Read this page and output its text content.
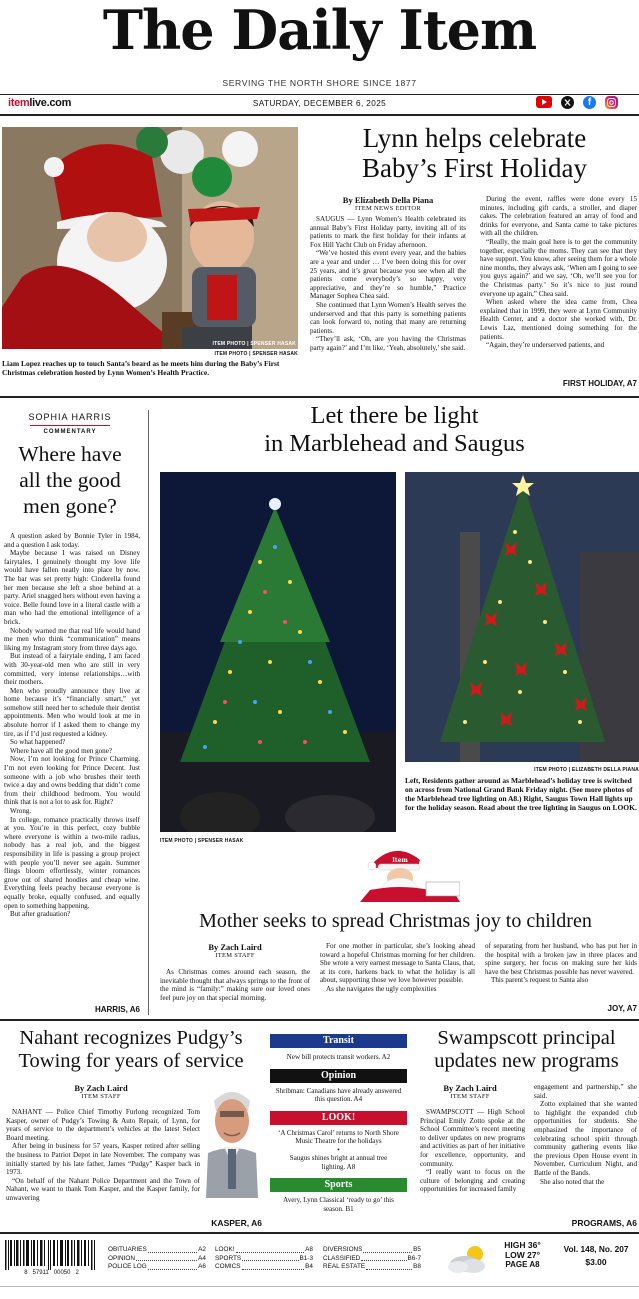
The Daily Item
SERVING THE NORTH SHORE SINCE 1877
itemlive.com	SATURDAY, DECEMBER 6, 2025	f
ITEM PHOTO | SPENSER HASAK
ITEM PHOTO | SPENSER HASAK
Liam Lopez reaches up to touch Santa’s beard as he meets him during the Baby’s First Christmas celebration hosted by Lynn Women’s Health Practice.
Lynn helps celebrate
Baby’s First Holiday
By Elizabeth Della Piana
ITEM NEWS EDITOR

SAUGUS — Lynn Women’s Health celebrated its annual Baby’s First Holiday party, inviting all of its patients to mark the first holiday for their infants at Fox Hill Yacht Club on Friday afternoon.

“We’ve hosted this event every year, and the babies are a year and under … I’ve been doing this for over 25 years, and it’s great because you see when all the patients come everybody’s so happy, very appreciative, and they’re so humble,” Practice Manager Sophea Chea said.

She continued that Lynn Women’s Health serves the underserved and that this party is something patients can look forward to, noting that many are returning patients.

“They’ll ask, ‘Oh, are you having the Christmas party again?’ and I’m like, ‘Yeah, absolutely,’ she said.

During the event, raffles were done every 15 minutes, including gift cards, a stroller, and diaper cakes. The celebration featured an array of food and drinks for everyone, and Santa came to take pictures with all the children.

“Really, the main goal here is to get the community together, especially the moms. They can see that they have support. You know, after seeing them for a whole nine months, they always ask, ‘When am I going to see you guys again?’ and we say, ‘Oh, we’ll see you for the Christmas party.’ So it’s nice to just round everyone up again,” Chea said.

When asked where the idea came from, Chea explained that in 1999, they were at Lynn Community Health Center, and a doctor she worked with, Dr. Lewis Laz, mentioned doing something for the patients.

“Again, they’re underserved patients, and

FIRST HOLIDAY, A7
SOPHIA HARRIS
COMMENTARY
Where have
all the good
men gone?

A question asked by Bonnie Tyler in 1984, and a question I ask today.

Maybe because I was raised on Disney fairytales, I genuinely thought my love life would have fallen neatly into place by now. The bar was set pretty high: Cinderella found her men because she left a shoe behind at a party. Ariel snagged hers without even having a voice. Belle found love in a literal castle with a man who had the emotional intelligence of a brick.

Nobody warned me that real life would hand me men who think “communication” means liking my Instagram story from three days ago.

But instead of a fairytale ending, I am faced with 30-year-old men who are still in very committed, very intense relationships…with their mothers.

Men who proudly announce they live at home because it’s “financially smart,” yet somehow still need her to schedule their dentist appointments. Men who would look at me in absolute horror if I asked them to change my tire, as if I’d just requested a kidney.

So what happened?

Where have all the good men gone?

Now, I’m not looking for Prince Charming. I’m not even looking for Prince Decent. Just someone with a job who brushes their teeth twice a day and owns bedding that didn’t come from their childhood bedroom. You would think that is not a lot to ask for. Right?

Wrong.

In college, romance practically throws itself at you. You’re in this perfect, cozy bubble where everyone is within a two-mile radius, nobody has a real job, and the biggest responsibility in life is passing a group project with people you’ll never see again. Summer flings bloom effortlessly, winter romances grow out of shared hoodies and cheap wine. Everything feels peachy because everyone is equally broke, equally confused, and equally open to something happening.

But after graduation?

HARRIS, A6
Let there be light
in Marblehead and Saugus
ITEM PHOTO | SPENSER HASAK
ITEM PHOTO | ELIZABETH DELLA PIANA
Left, Residents gather around as Marblehead’s holiday tree is switched on across from National Grand Bank Friday night. (See more photos of the Marblehead tree lighting on A8.) Right, Saugus Town Hall lights up for the holiday season. Read about the tree lighting in Saugus on LOOK.
Item
Mother seeks to spread Christmas joy to children
By Zach Laird
ITEM STAFF

As Christmas comes around each season, the inevitable thought that always springs to the front of the mind is “family:” making sure our loved ones feel pure joy on that special morning.

For one mother in particular, she’s looking ahead toward a hopeful Christmas morning for her children. She wrote a very earnest message to Santa Claus, that, at its core, harkens back to what the holiday is all about, supporting those we love however possible.

As she navigates the ugly complexities

of separating from her husband, who has put her in the hospital with a broken jaw in three places and spine surgery, her focus on making sure her kids have the best Christmas possible has never wavered.

This parent’s request to Santa also

JOY, A7
Nahant recognizes Pudgy’s
Towing for years of service
By Zach Laird
ITEM STAFF

NAHANT — Police Chief Timothy Furlong recognized Tom Kasper, owner of Pudgy’s Towing & Auto Repair, of Lynn, for years of service to the department’s vehicles at the latest Select Board meeting.

After being in business for 57 years, Kasper retired after selling the business to Patriot Depot in late November. The company was initially started by his late father, James “Pudgy” Kasper back in 1973.

“On behalf of the Nahant Police Department and the Town of Nahant, we want to thank Tom Kasper, and the Kasper family, for unwavering

KASPER, A6
Transit
New bill protects transit workers. A2
Opinion
Shribman: Canadians have already answered this question. A4
LOOK!
‘A Christmas Carol’ returns to North Shore Music Theatre for the holidays
•
Saugus shines bright at annual tree lighting. A8
Sports
Avery, Lynn Classical ‘ready to go’ this season. B1
Swampscott principal
updates new programs
By Zach Laird
ITEM STAFF

SWAMPSCOTT — High School Principal Emily Zotto spoke at the School Committee’s recent meeting to deliver updates on new programs and activities as part of her initiative for excellence, opportunity, and community.

“I really want to focus on the culture of belonging and creating opportunities for increased family

engagement and partnership,” she said.

Zotto explained that she wanted to highlight the expanded club opportunities for students. She emphasized the importance of celebrating school spirit through community gathering events like the previous Open House event in November, Curriculum Night, and Battle of the Bands.

She also noted that the

PROGRAMS, A6
8   57911   00050   2
OBITUARIES	A2
OPINION	A4
POLICE LOG	A6
LOOK!	A8
SPORTS	B1-3
COMICS	B4
DIVERSIONS	B5
CLASSIFIED	B6-7
REAL ESTATE	B8
HIGH 36°
LOW 27°
PAGE A8
Vol. 148, No. 207
$3.00
